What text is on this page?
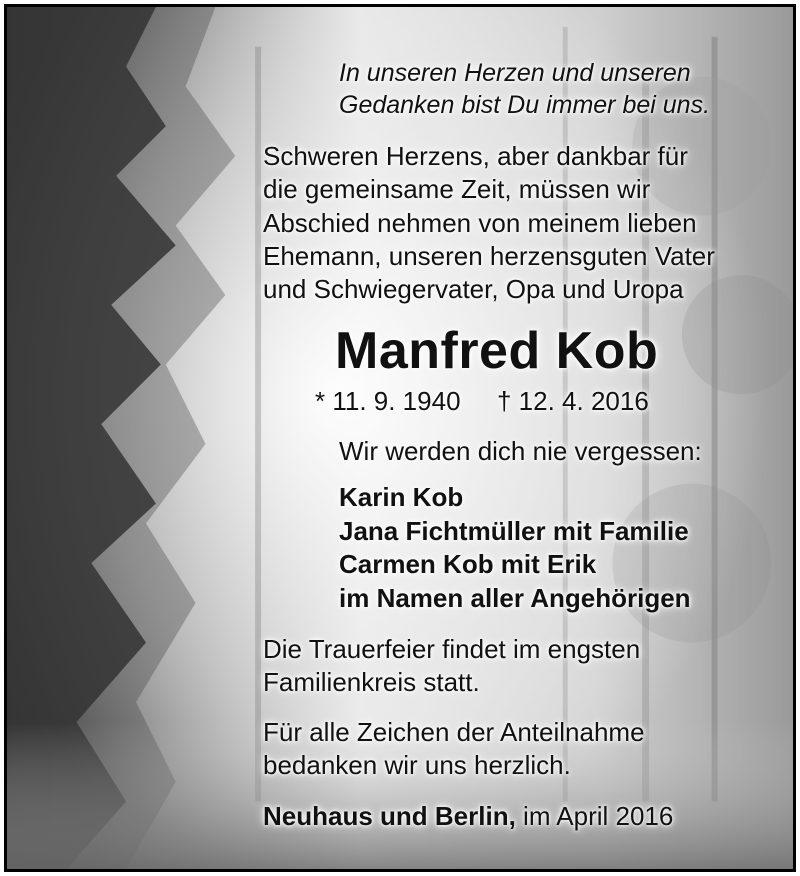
In unseren Herzen und unseren
Gedanken bist Du immer bei uns.
Schweren Herzens, aber dankbar für
die gemeinsame Zeit, müssen wir
Abschied nehmen von meinem lieben
Ehemann, unseren herzensguten Vater
und Schwiegervater, Opa und Uropa
Manfred Kob
* 11. 9. 1940 † 12. 4. 2016
Wir werden dich nie vergessen:
Karin Kob
Jana Fichtmüller mit Familie
Carmen Kob mit Erik
im Namen aller Angehörigen
Die Trauerfeier findet im engsten
Familienkreis statt.
Für alle Zeichen der Anteilnahme
bedanken wir uns herzlich.
Neuhaus und Berlin, im April 2016
